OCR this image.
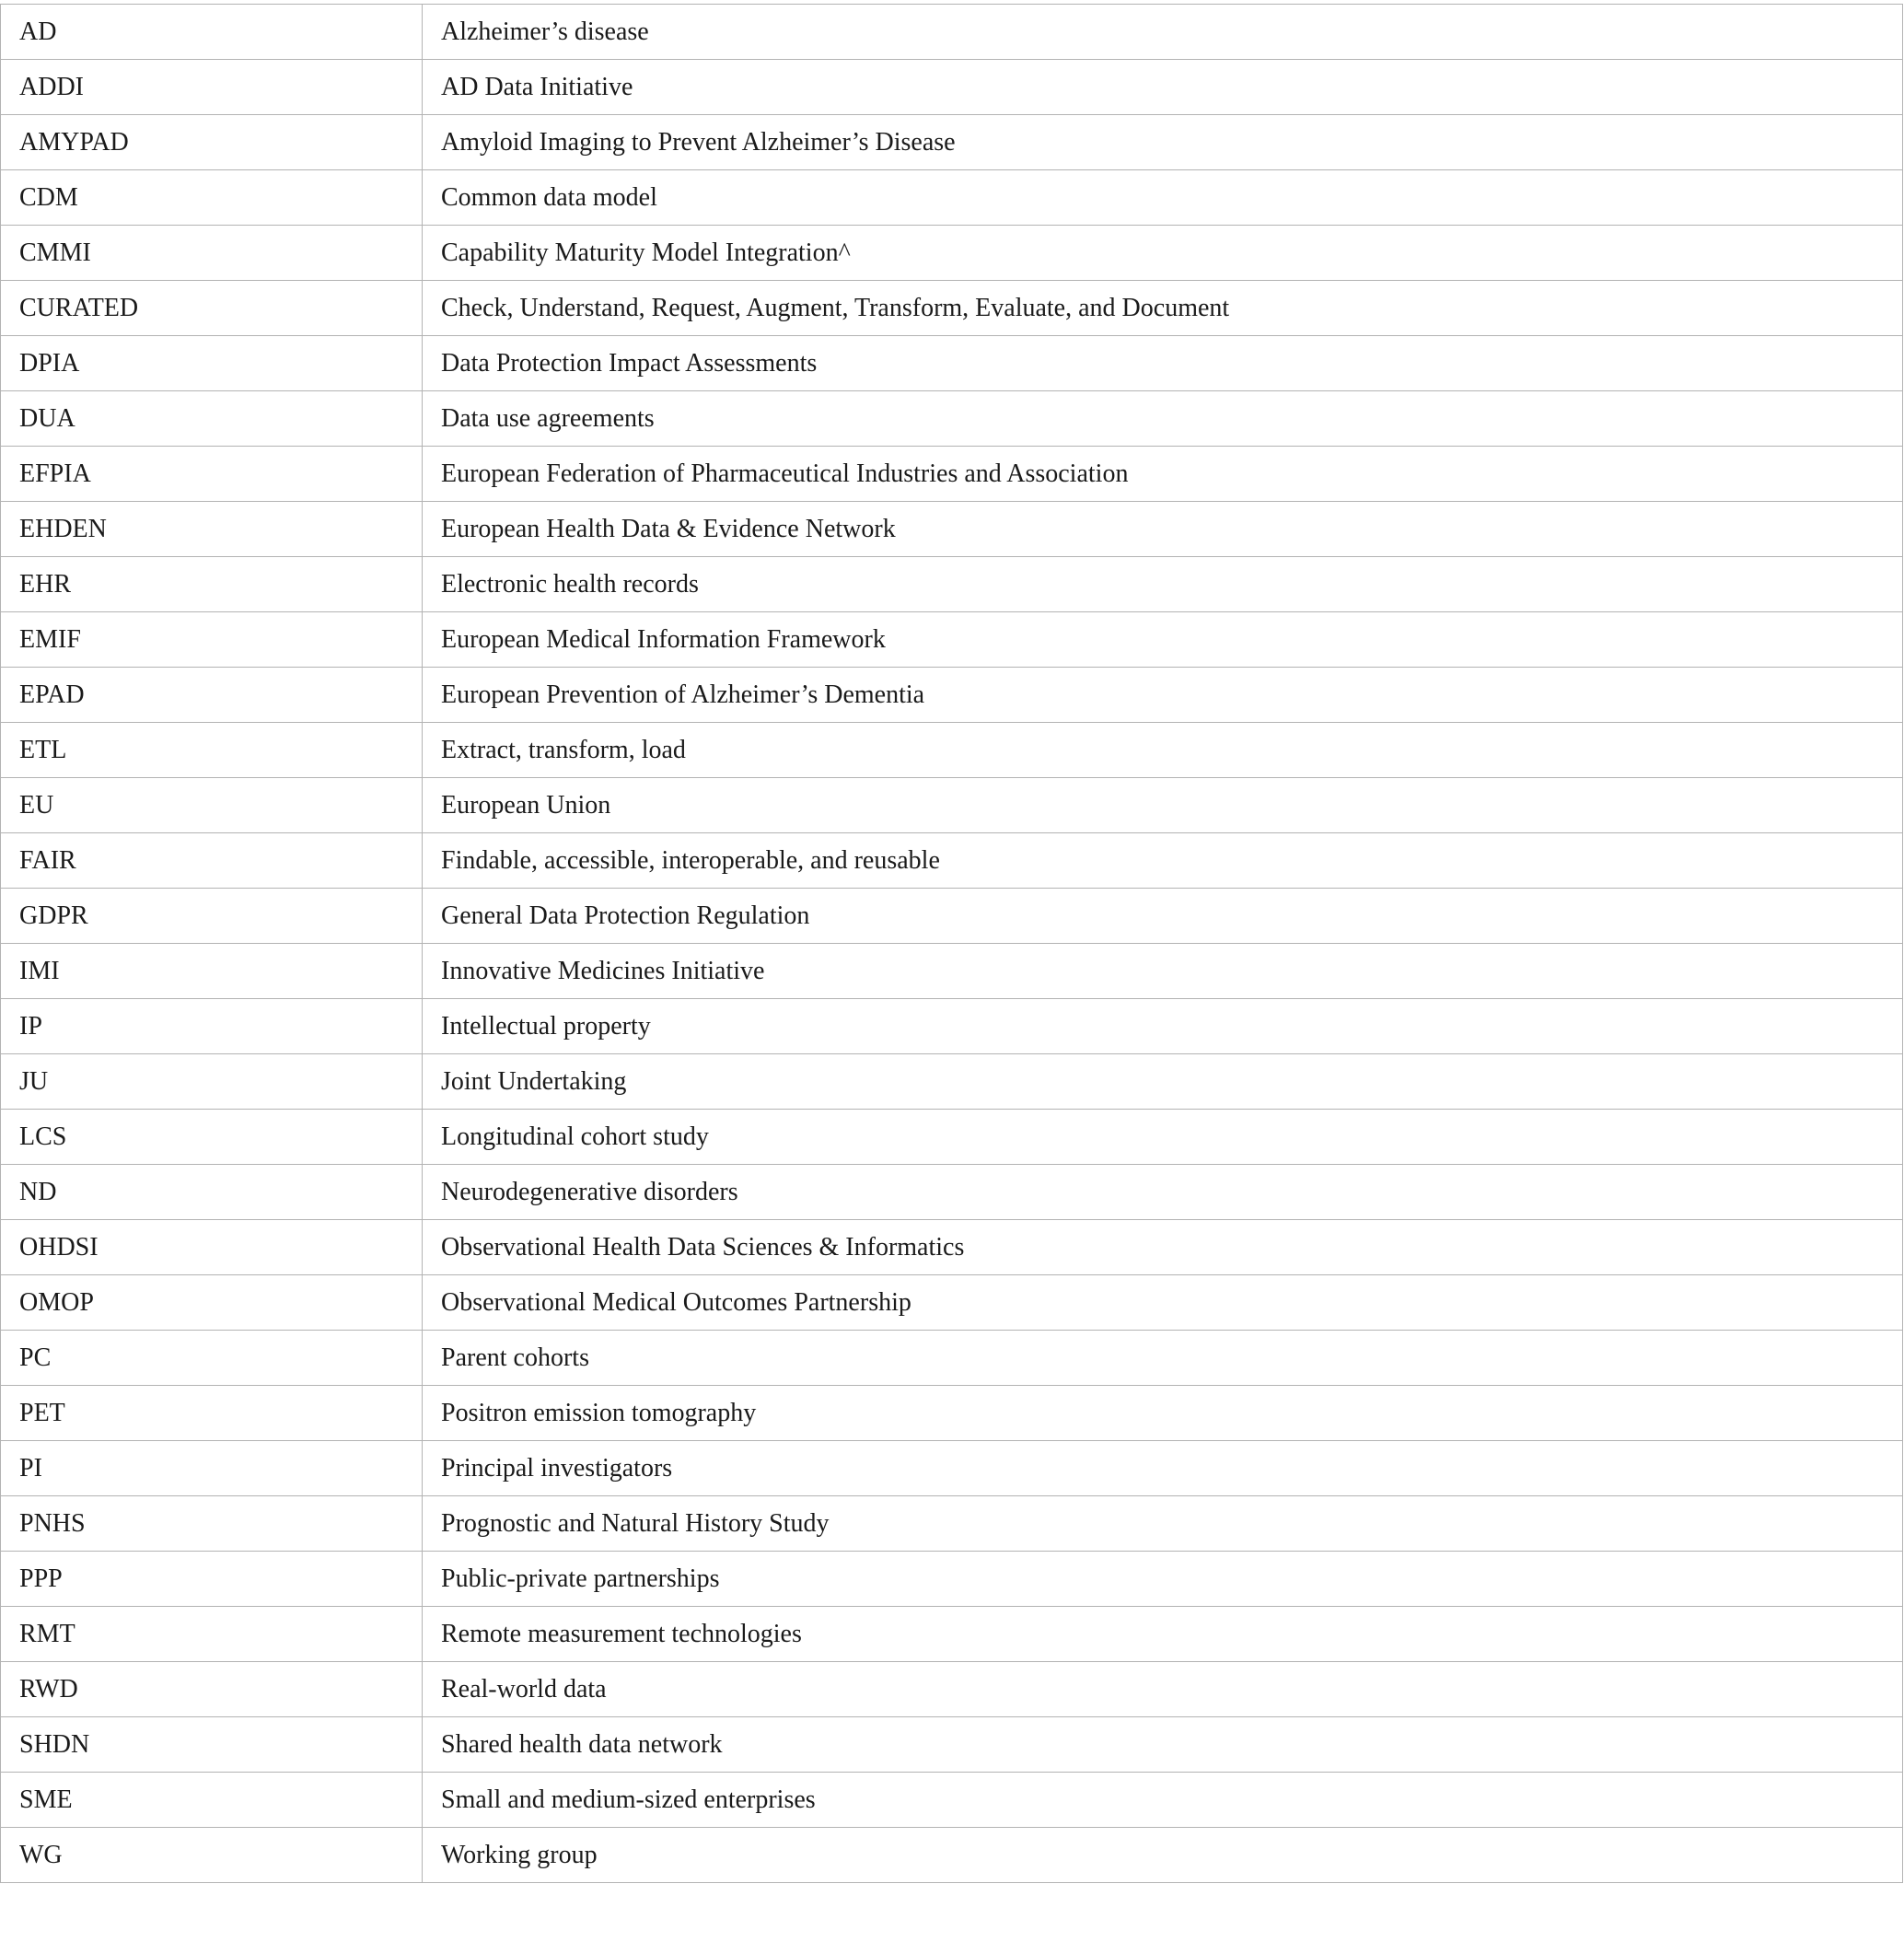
AD	Alzheimer’s disease
ADDI	AD Data Initiative
AMYPAD	Amyloid Imaging to Prevent Alzheimer’s Disease
CDM	Common data model
CMMI	Capability Maturity Model Integration^
CURATED	Check, Understand, Request, Augment, Transform, Evaluate, and Document
DPIA	Data Protection Impact Assessments
DUA	Data use agreements
EFPIA	European Federation of Pharmaceutical Industries and Association
EHDEN	European Health Data & Evidence Network
EHR	Electronic health records
EMIF	European Medical Information Framework
EPAD	European Prevention of Alzheimer’s Dementia
ETL	Extract, transform, load
EU	European Union
FAIR	Findable, accessible, interoperable, and reusable
GDPR	General Data Protection Regulation
IMI	Innovative Medicines Initiative
IP	Intellectual property
JU	Joint Undertaking
LCS	Longitudinal cohort study
ND	Neurodegenerative disorders
OHDSI	Observational Health Data Sciences & Informatics
OMOP	Observational Medical Outcomes Partnership
PC	Parent cohorts
PET	Positron emission tomography
PI	Principal investigators
PNHS	Prognostic and Natural History Study
PPP	Public-private partnerships
RMT	Remote measurement technologies
RWD	Real-world data
SHDN	Shared health data network
SME	Small and medium-sized enterprises
WG	Working group
